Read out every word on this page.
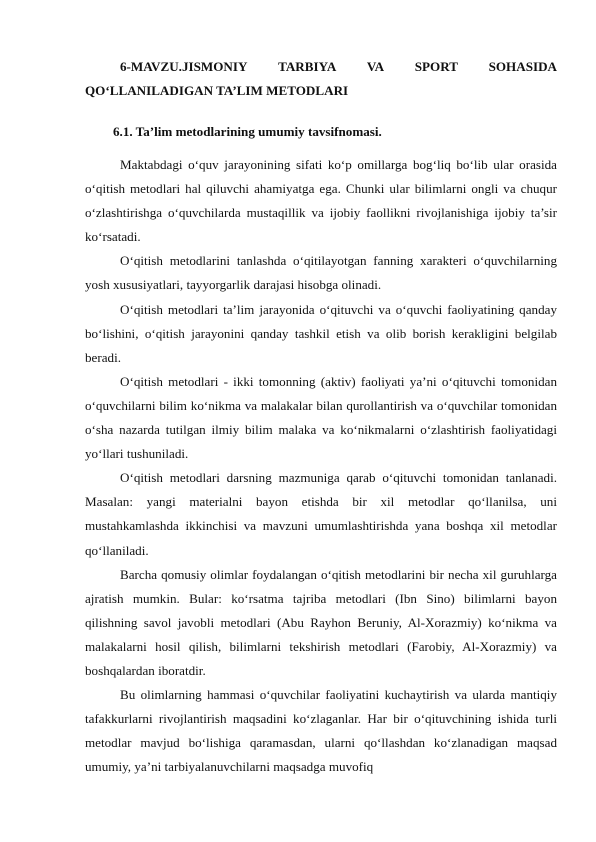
6-MAVZU.JISMONIY TARBIYA VA SPORT SOHASIDA
QO‘LLANILADIGAN TA’LIM METODLARI
6.1. Ta’lim metodlarining umumiy tavsifnomasi.

Maktabdagi o‘quv jarayonining sifati ko‘p omillarga bog‘liq bo‘lib ular orasida o‘qitish metodlari hal qiluvchi ahamiyatga ega. Chunki ular bilimlarni ongli va chuqur o‘zlashtirishga o‘quvchilarda mustaqillik va ijobiy faollikni rivojlanishiga ijobiy ta’sir ko‘rsatadi.

O‘qitish metodlarini tanlashda o‘qitilayotgan fanning xarakteri o‘quvchilarning yosh xususiyatlari, tayyorgarlik darajasi hisobga olinadi.

O‘qitish metodlari ta’lim jarayonida o‘qituvchi va o‘quvchi faoliyatining qanday bo‘lishini, o‘qitish jarayonini qanday tashkil etish va olib borish kerakligini belgilab beradi.

O‘qitish metodlari - ikki tomonning (aktiv) faoliyati ya’ni o‘qituvchi tomonidan o‘quvchilarni bilim ko‘nikma va malakalar bilan qurollantirish va o‘quvchilar tomonidan o‘sha nazarda tutilgan ilmiy bilim malaka va ko‘nikmalarni o‘zlashtirish faoliyatidagi yo‘llari tushuniladi.

O‘qitish metodlari darsning mazmuniga qarab o‘qituvchi tomonidan tanlanadi. Masalan: yangi materialni bayon etishda bir xil metodlar qo‘llanilsa, uni mustahkamlashda ikkinchisi va mavzuni umumlashtirishda yana boshqa xil metodlar qo‘llaniladi.

Barcha qomusiy olimlar foydalangan o‘qitish metodlarini bir necha xil guruhlarga ajratish mumkin. Bular: ko‘rsatma tajriba metodlari (Ibn Sino) bilimlarni bayon qilishning savol javobli metodlari (Abu Rayhon Beruniy, Al-Xorazmiy) ko‘nikma va malakalarni hosil qilish, bilimlarni tekshirish metodlari (Farobiy, Al-Xorazmiy) va boshqalardan iboratdir.

Bu olimlarning hammasi o‘quvchilar faoliyatini kuchaytirish va ularda mantiqiy tafakkurlarni rivojlantirish maqsadini ko‘zlaganlar. Har bir o‘qituvchining ishida turli metodlar mavjud bo‘lishiga qaramasdan, ularni qo‘llashdan ko‘zlanadigan maqsad umumiy, ya’ni tarbiyalanuvchilarni maqsadga muvofiq
